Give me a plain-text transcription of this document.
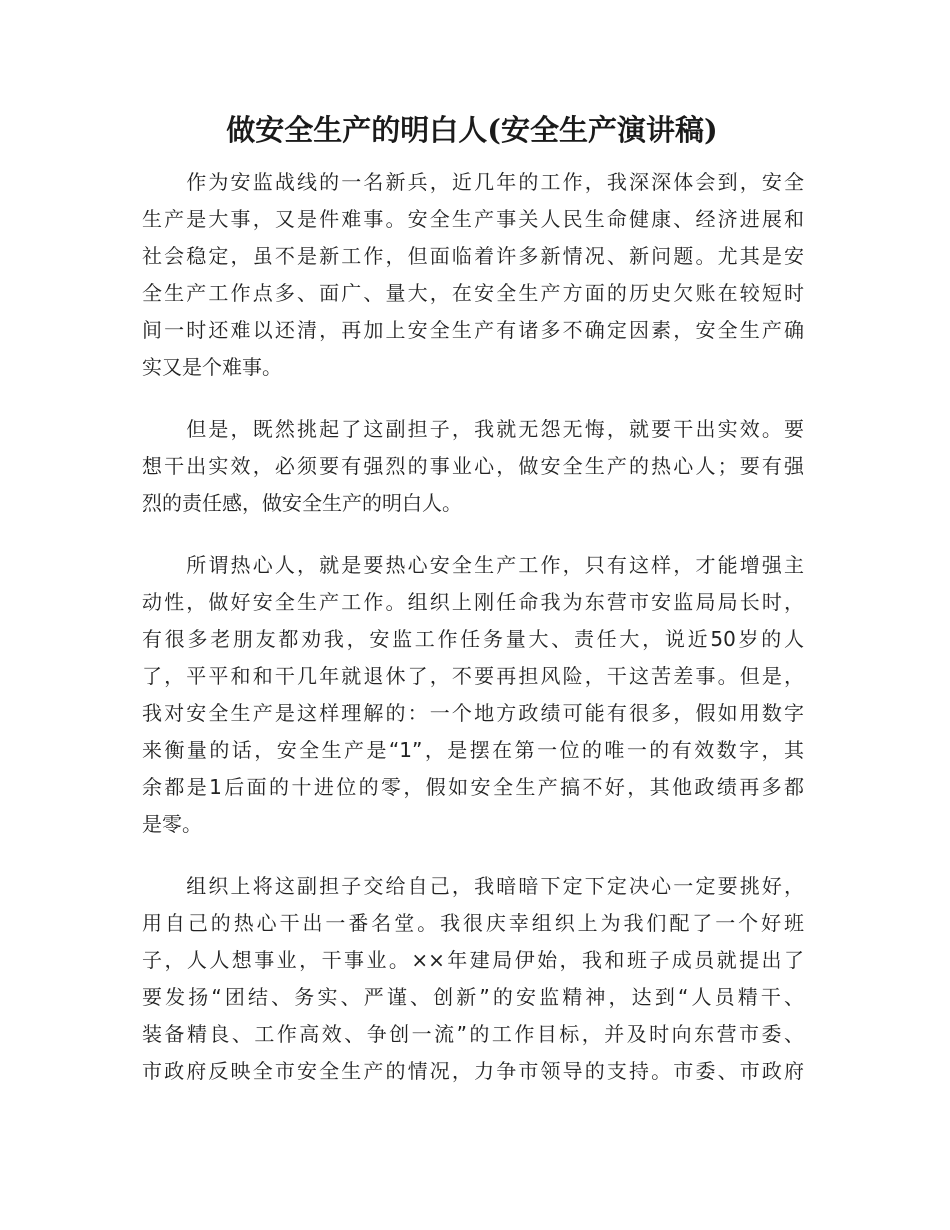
做安全生产的明白人(安全生产演讲稿)

　　作为安监战线的一名新兵，近几年的工作，我深深体会到，安全
生产是大事，又是件难事。安全生产事关人民生命健康、经济进展和
社会稳定，虽不是新工作，但面临着许多新情况、新问题。尤其是安
全生产工作点多、面广、量大，在安全生产方面的历史欠账在较短时
间一时还难以还清，再加上安全生产有诸多不确定因素，安全生产确
实又是个难事。

　　但是，既然挑起了这副担子，我就无怨无悔，就要干出实效。要
想干出实效，必须要有强烈的事业心，做安全生产的热心人；要有强
烈的责任感，做安全生产的明白人。

　　所谓热心人，就是要热心安全生产工作，只有这样，才能增强主
动性，做好安全生产工作。组织上刚任命我为东营市安监局局长时，
有很多老朋友都劝我，安监工作任务量大、责任大，说近50岁的人
了，平平和和干几年就退休了，不要再担风险，干这苦差事。但是，
我对安全生产是这样理解的：一个地方政绩可能有很多，假如用数字
来衡量的话，安全生产是“1”，是摆在第一位的唯一的有效数字，其
余都是1后面的十进位的零，假如安全生产搞不好，其他政绩再多都
是零。

　　组织上将这副担子交给自己，我暗暗下定下定决心一定要挑好，
用自己的热心干出一番名堂。我很庆幸组织上为我们配了一个好班
子，人人想事业，干事业。××年建局伊始，我和班子成员就提出了
要发扬“团结、务实、严谨、创新”的安监精神，达到“人员精干、
装备精良、工作高效、争创一流”的工作目标，并及时向东营市委、
市政府反映全市安全生产的情况，力争市领导的支持。市委、市政府
